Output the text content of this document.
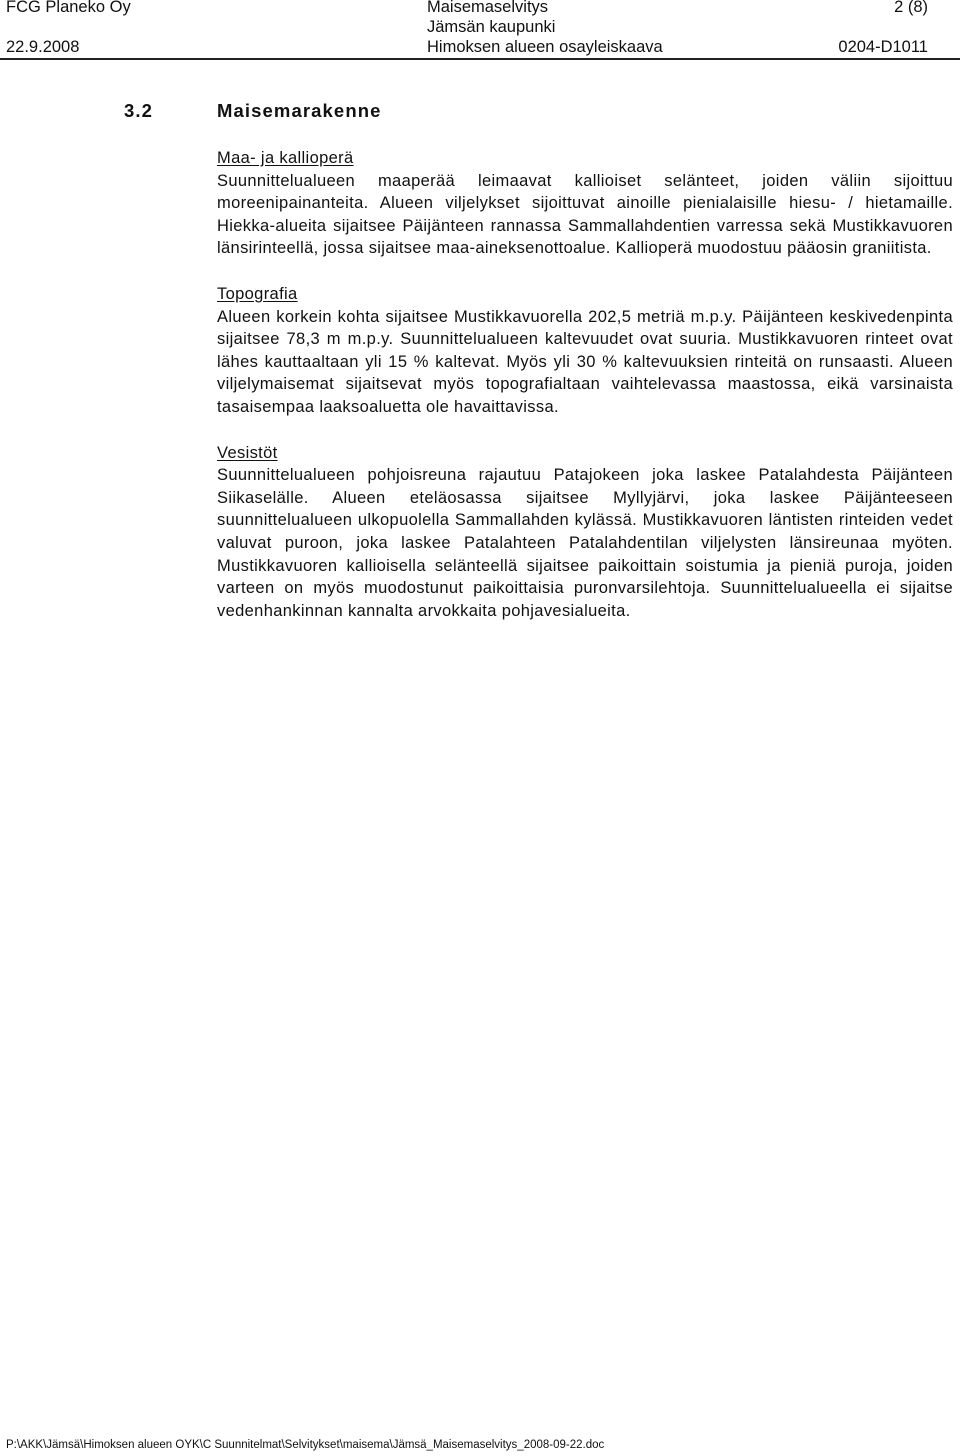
FCG Planeko Oy
22.9.2008
Maisemaselvitys
Jämsän kaupunki
Himoksen alueen osayleiskaava
2 (8)
0204-D1011
3.2	Maisemarakenne
Maa- ja kallioperä

Suunnittelualueen maaperää leimaavat kallioiset selänteet, joiden väliin sijoittuu moreenipainanteita. Alueen viljelykset sijoittuvat ainoille pienialaisille hiesu- / hietamaille. Hiekka-alueita sijaitsee Päijänteen rannassa Sammallahdentien varressa sekä Mustikkavuoren länsirinteellä, jossa sijaitsee maa-aineksenottoalue. Kallioperä muodostuu pääosin graniitista.

Topografia

Alueen korkein kohta sijaitsee Mustikkavuorella 202,5 metriä m.p.y. Päijänteen keskivedenpinta sijaitsee 78,3 m m.p.y. Suunnittelualueen kaltevuudet ovat suuria. Mustikkavuoren rinteet ovat lähes kauttaaltaan yli 15 % kaltevat. Myös yli 30 % kaltevuuksien rinteitä on runsaasti. Alueen viljelymaisemat sijaitsevat myös topografialtaan vaihtelevassa maastossa, eikä varsinaista tasaisempaa laaksoaluetta ole havaittavissa.

Vesistöt

Suunnittelualueen pohjoisreuna rajautuu Patajokeen joka laskee Patalahdesta Päijänteen Siikaselälle. Alueen eteläosassa sijaitsee Myllyjärvi, joka laskee Päijänteeseen suunnittelualueen ulkopuolella Sammallahden kylässä. Mustikkavuoren läntisten rinteiden vedet valuvat puroon, joka laskee Patalahteen Patalahdentilan viljelysten länsireunaa myöten. Mustikkavuoren kallioisella selänteellä sijaitsee paikoittain soistumia ja pieniä puroja, joiden varteen on myös muodostunut paikoittaisia puronvarsilehtoja. Suunnittelualueella ei sijaitse vedenhankinnan kannalta arvokkaita pohjavesialueita.

P:\AKK\Jämsä\Himoksen alueen OYK\C Suunnitelmat\Selvitykset\maisema\Jämsä_Maisemaselvitys_2008-09-22.doc
